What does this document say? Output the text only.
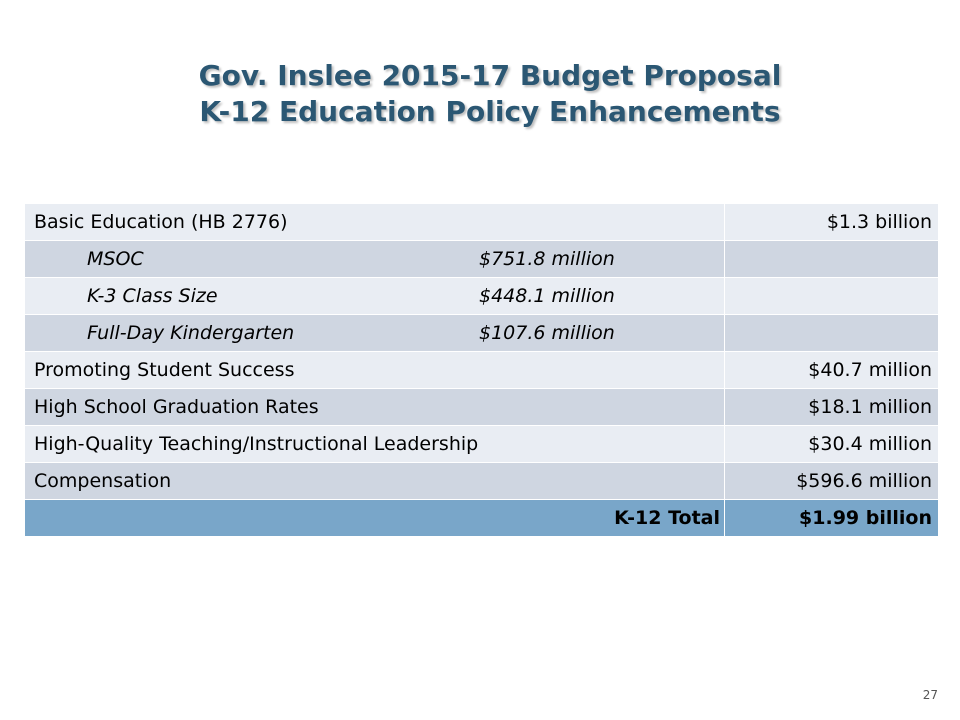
Gov. Inslee 2015-17 Budget Proposal
K-12 Education Policy Enhancements
Basic Education (HB 2776)	$1.3 billion
MSOC $751.8 million	
K-3 Class Size $448.1 million	
Full-Day Kindergarten $107.6 million	
Promoting Student Success	$40.7 million
High School Graduation Rates	$18.1 million
High-Quality Teaching/Instructional Leadership	$30.4 million
Compensation	$596.6 million
K-12 Total	$1.99 billion
27
